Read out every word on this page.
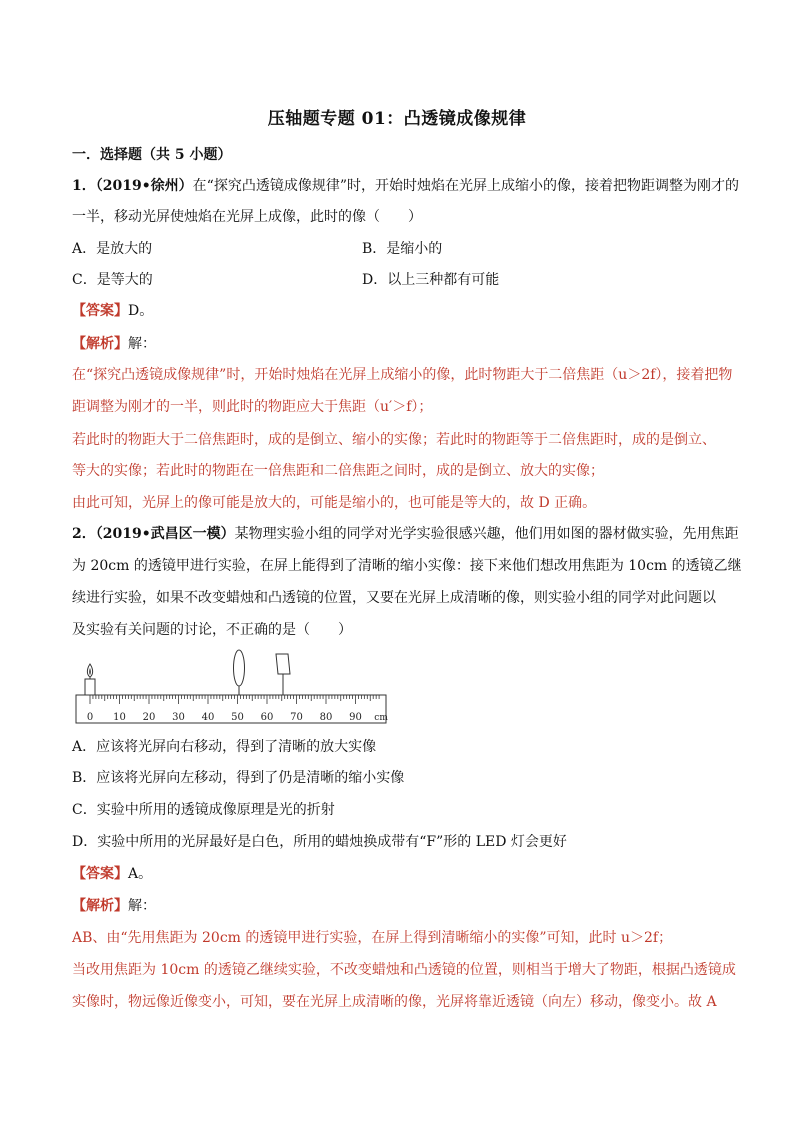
压轴题专题 01：凸透镜成像规律
一．选择题（共 5 小题）
1．（2019•徐州）在“探究凸透镜成像规律”时，开始时烛焰在光屏上成缩小的像，接着把物距调整为刚才的
一半，移动光屏使烛焰在光屏上成像，此时的像（　　）
A．是放大的	B．是缩小的
C．是等大的	D．以上三种都有可能
【答案】D。
【解析】解：
在“探究凸透镜成像规律”时，开始时烛焰在光屏上成缩小的像，此时物距大于二倍焦距（u＞2f），接着把物
距调整为刚才的一半，则此时的物距应大于焦距（u′＞f）；
若此时的物距大于二倍焦距时，成的是倒立、缩小的实像；若此时的物距等于二倍焦距时，成的是倒立、
等大的实像；若此时的物距在一倍焦距和二倍焦距之间时，成的是倒立、放大的实像；
由此可知，光屏上的像可能是放大的，可能是缩小的，也可能是等大的，故 D 正确。
2．（2019•武昌区一模）某物理实验小组的同学对光学实验很感兴趣，他们用如图的器材做实验，先用焦距
为 20cm 的透镜甲进行实验，在屏上能得到了清晰的缩小实像：接下来他们想改用焦距为 10cm 的透镜乙继
续进行实验，如果不改变蜡烛和凸透镜的位置，又要在光屏上成清晰的像，则实验小组的同学对此问题以
及实验有关问题的讨论，不正确的是（　　）
0 10 20 30 40 50 60 70 80 90 cm
A．应该将光屏向右移动，得到了清晰的放大实像
B．应该将光屏向左移动，得到了仍是清晰的缩小实像
C．实验中所用的透镜成像原理是光的折射
D．实验中所用的光屏最好是白色，所用的蜡烛换成带有“F”形的 LED 灯会更好
【答案】A。
【解析】解：
AB、由“先用焦距为 20cm 的透镜甲进行实验，在屏上得到清晰缩小的实像”可知，此时 u＞2f；
当改用焦距为 10cm 的透镜乙继续实验，不改变蜡烛和凸透镜的位置，则相当于增大了物距，根据凸透镜成
实像时，物远像近像变小，可知，要在光屏上成清晰的像，光屏将靠近透镜（向左）移动，像变小。故 A
